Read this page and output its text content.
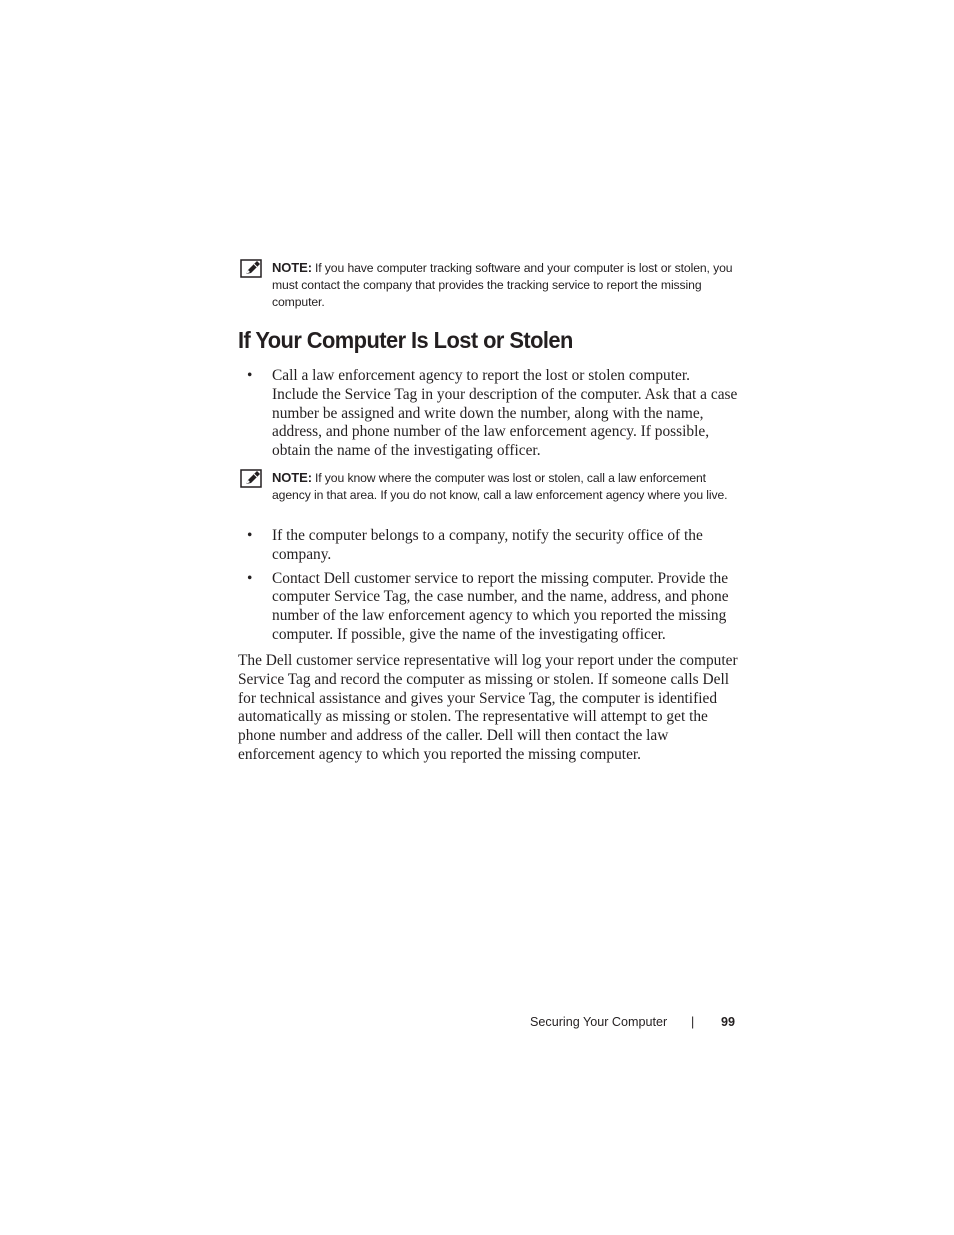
NOTE: If you have computer tracking software and your computer is lost or stolen, you must contact the company that provides the tracking service to report the missing computer.
If Your Computer Is Lost or Stolen
• Call a law enforcement agency to report the lost or stolen computer. Include the Service Tag in your description of the computer. Ask that a case number be assigned and write down the number, along with the name, address, and phone number of the law enforcement agency. If possible, obtain the name of the investigating officer.
NOTE: If you know where the computer was lost or stolen, call a law enforcement agency in that area. If you do not know, call a law enforcement agency where you live.
• If the computer belongs to a company, notify the security office of the company.
• Contact Dell customer service to report the missing computer. Provide the computer Service Tag, the case number, and the name, address, and phone number of the law enforcement agency to which you reported the missing computer. If possible, give the name of the investigating officer.

The Dell customer service representative will log your report under the computer Service Tag and record the computer as missing or stolen. If someone calls Dell for technical assistance and gives your Service Tag, the computer is identified automatically as missing or stolen. The representative will attempt to get the phone number and address of the caller. Dell will then contact the law enforcement agency to which you reported the missing computer.

Securing Your Computer | 99
